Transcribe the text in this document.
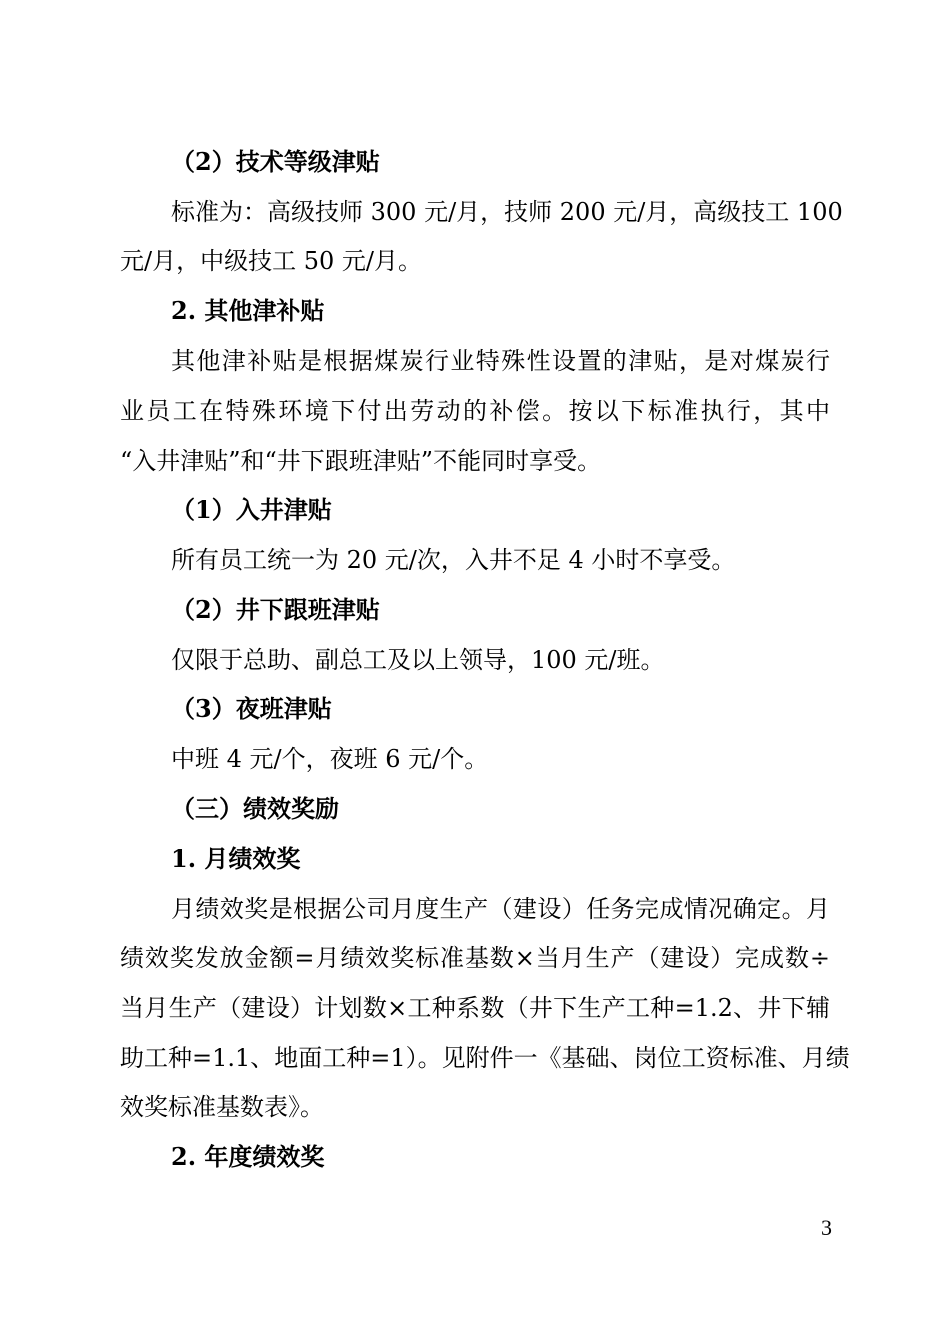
（2）技术等级津贴

标准为：高级技师 300 元/月，技师 200 元/月，高级技工 100

元/月，中级技工 50 元/月。

2. 其他津补贴

其他津补贴是根据煤炭行业特殊性设置的津贴，是对煤炭行

业员工在特殊环境下付出劳动的补偿。按以下标准执行，其中

“入井津贴”和“井下跟班津贴”不能同时享受。

（1）入井津贴

所有员工统一为 20 元/次，入井不足 4 小时不享受。

（2）井下跟班津贴

仅限于总助、副总工及以上领导，100 元/班。

（3）夜班津贴

中班 4 元/个，夜班 6 元/个。

（三）绩效奖励

1. 月绩效奖

月绩效奖是根据公司月度生产（建设）任务完成情况确定。月

绩效奖发放金额=月绩效奖标准基数×当月生产（建设）完成数÷

当月生产（建设）计划数×工种系数（井下生产工种=1.2、井下辅

助工种=1.1、地面工种=1）。见附件一《基础、岗位工资标准、月绩

效奖标准基数表》。

2. 年度绩效奖

3
